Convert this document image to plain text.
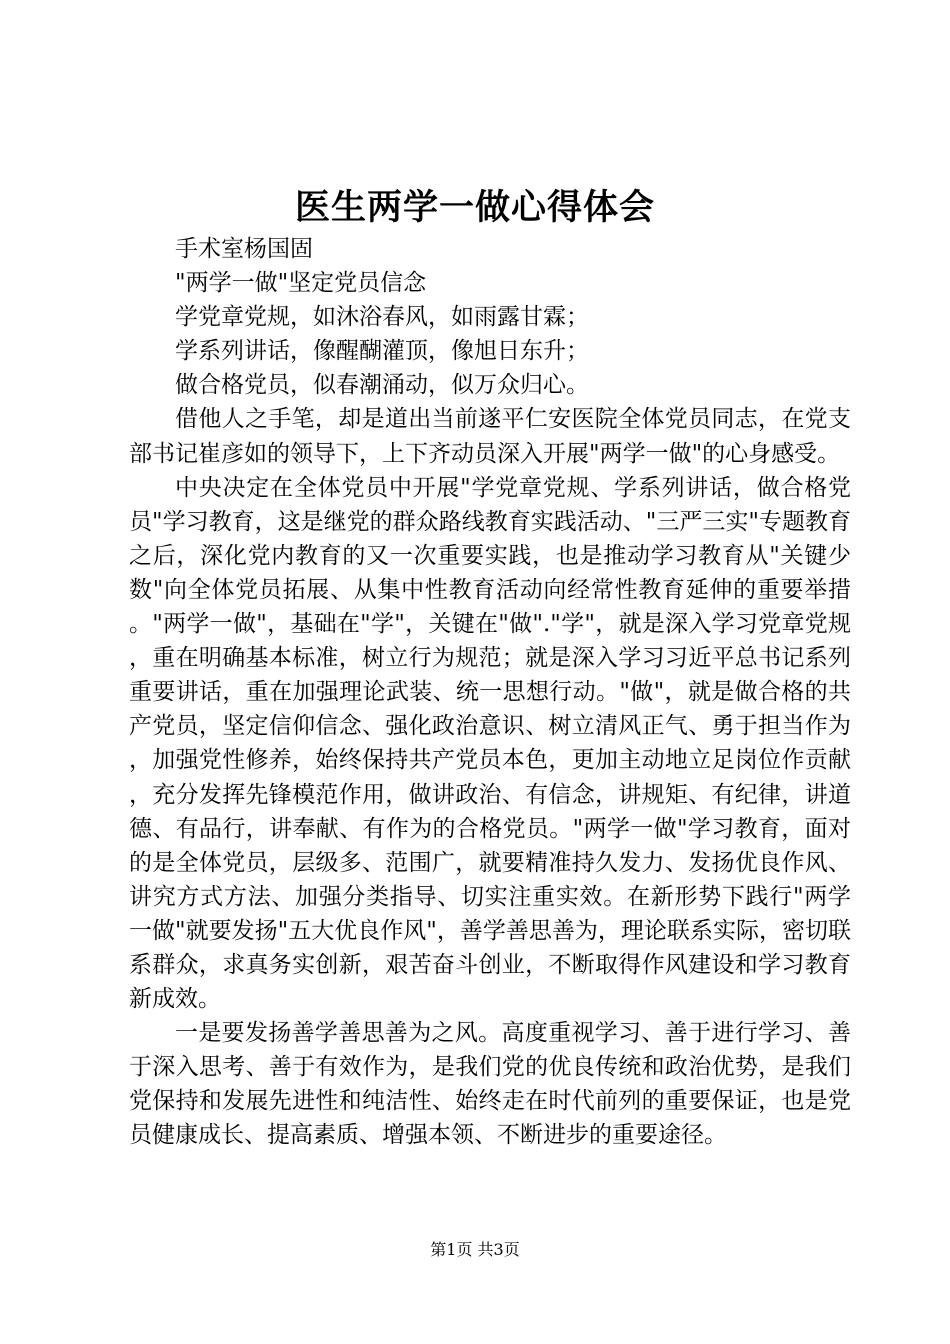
医生两学一做心得体会

手术室杨国固

"两学一做"坚定党员信念

学党章党规，如沐浴春风，如雨露甘霖；

学系列讲话，像醒醐灌顶，像旭日东升；

做合格党员，似春潮涌动，似万众归心。

借他人之手笔，却是道出当前遂平仁安医院全体党员同志，在党支部书记崔彦如的领导下，上下齐动员深入开展"两学一做"的心身感受。

中央决定在全体党员中开展"学党章党规、学系列讲话，做合格党员"学习教育，这是继党的群众路线教育实践活动、"三严三实"专题教育之后，深化党内教育的又一次重要实践，也是推动学习教育从"关键少数"向全体党员拓展、从集中性教育活动向经常性教育延伸的重要举措。"两学一做"，基础在"学"，关键在"做"."学"，就是深入学习党章党规，重在明确基本标准，树立行为规范；就是深入学习习近平总书记系列重要讲话，重在加强理论武装、统一思想行动。"做"，就是做合格的共产党员，坚定信仰信念、强化政治意识、树立清风正气、勇于担当作为，加强党性修养，始终保持共产党员本色，更加主动地立足岗位作贡献，充分发挥先锋模范作用，做讲政治、有信念，讲规矩、有纪律，讲道德、有品行，讲奉献、有作为的合格党员。"两学一做"学习教育，面对的是全体党员，层级多、范围广，就要精准持久发力、发扬优良作风、讲究方式方法、加强分类指导、切实注重实效。在新形势下践行"两学一做"就要发扬"五大优良作风"，善学善思善为，理论联系实际，密切联系群众，求真务实创新，艰苦奋斗创业，不断取得作风建设和学习教育新成效。

一是要发扬善学善思善为之风。高度重视学习、善于进行学习、善于深入思考、善于有效作为，是我们党的优良传统和政治优势，是我们党保持和发展先进性和纯洁性、始终走在时代前列的重要保证，也是党员健康成长、提高素质、增强本领、不断进步的重要途径。

第1页 共3页
